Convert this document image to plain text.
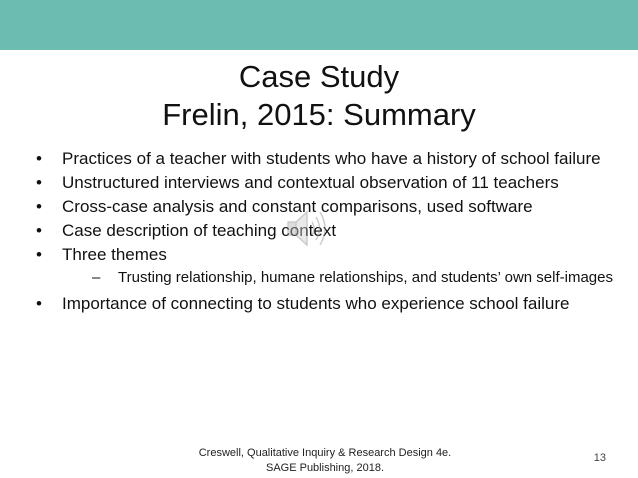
Case Study
Frelin, 2015: Summary
• Practices of a teacher with students who have a history of school failure
• Unstructured interviews and contextual observation of 11 teachers
• Cross-case analysis and constant comparisons, used software
• Case description of teaching context
• Three themes
– Trusting relationship, humane relationships, and students’ own self-images
• Importance of connecting to students who experience school failure
Creswell, Qualitative Inquiry & Research Design 4e.
SAGE Publishing, 2018.
13
